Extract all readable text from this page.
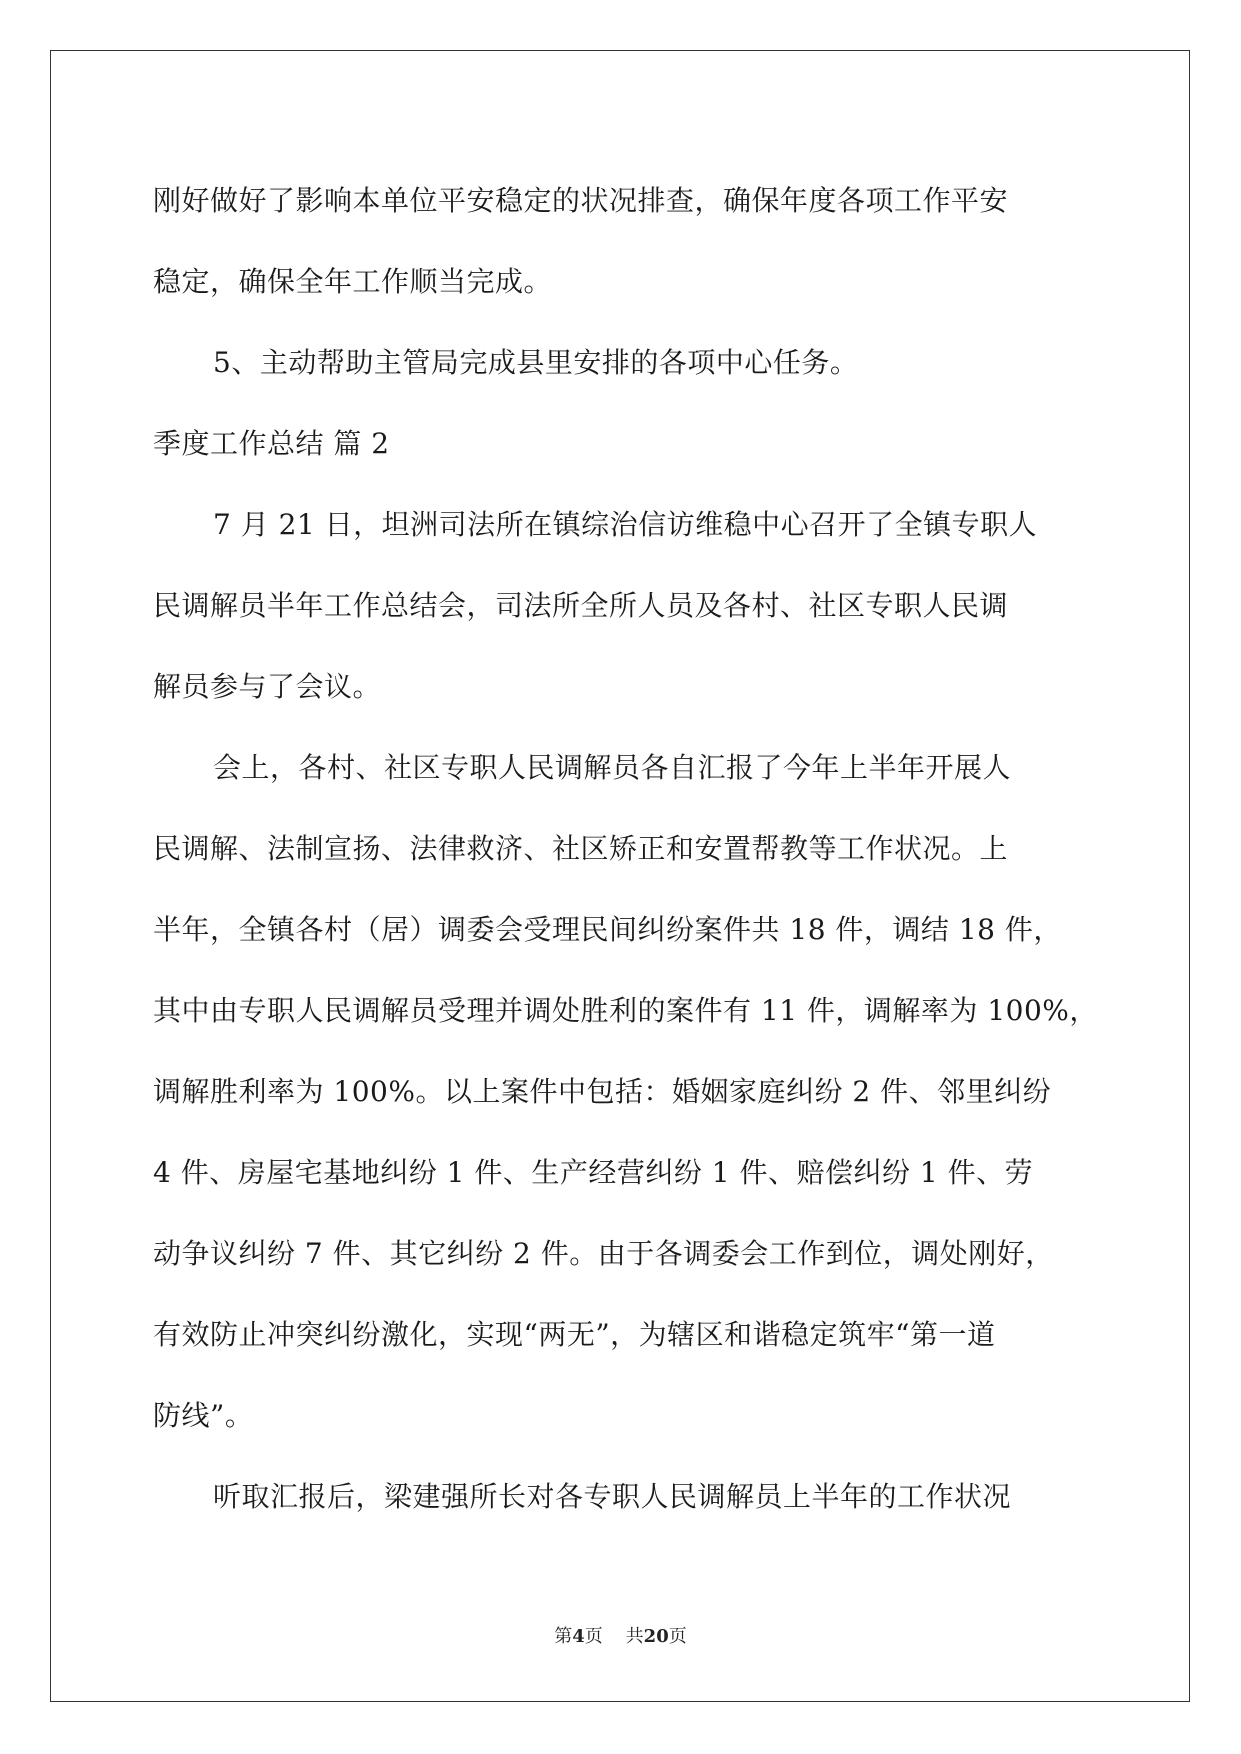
刚好做好了影响本单位平安稳定的状况排查，确保年度各项工作平安
稳定，确保全年工作顺当完成。
5、主动帮助主管局完成县里安排的各项中心任务。
季度工作总结 篇 2
7 月 21 日，坦洲司法所在镇综治信访维稳中心召开了全镇专职人
民调解员半年工作总结会，司法所全所人员及各村、社区专职人民调
解员参与了会议。
会上，各村、社区专职人民调解员各自汇报了今年上半年开展人
民调解、法制宣扬、法律救济、社区矫正和安置帮教等工作状况。上
半年，全镇各村（居）调委会受理民间纠纷案件共 18 件，调结 18 件，
其中由专职人民调解员受理并调处胜利的案件有 11 件，调解率为 100%，
调解胜利率为 100%。以上案件中包括：婚姻家庭纠纷 2 件、邻里纠纷
4 件、房屋宅基地纠纷 1 件、生产经营纠纷 1 件、赔偿纠纷 1 件、劳
动争议纠纷 7 件、其它纠纷 2 件。由于各调委会工作到位，调处刚好，
有效防止冲突纠纷激化，实现“两无”，为辖区和谐稳定筑牢“第一道
防线”。
听取汇报后，梁建强所长对各专职人民调解员上半年的工作状况
第4页    共20页
